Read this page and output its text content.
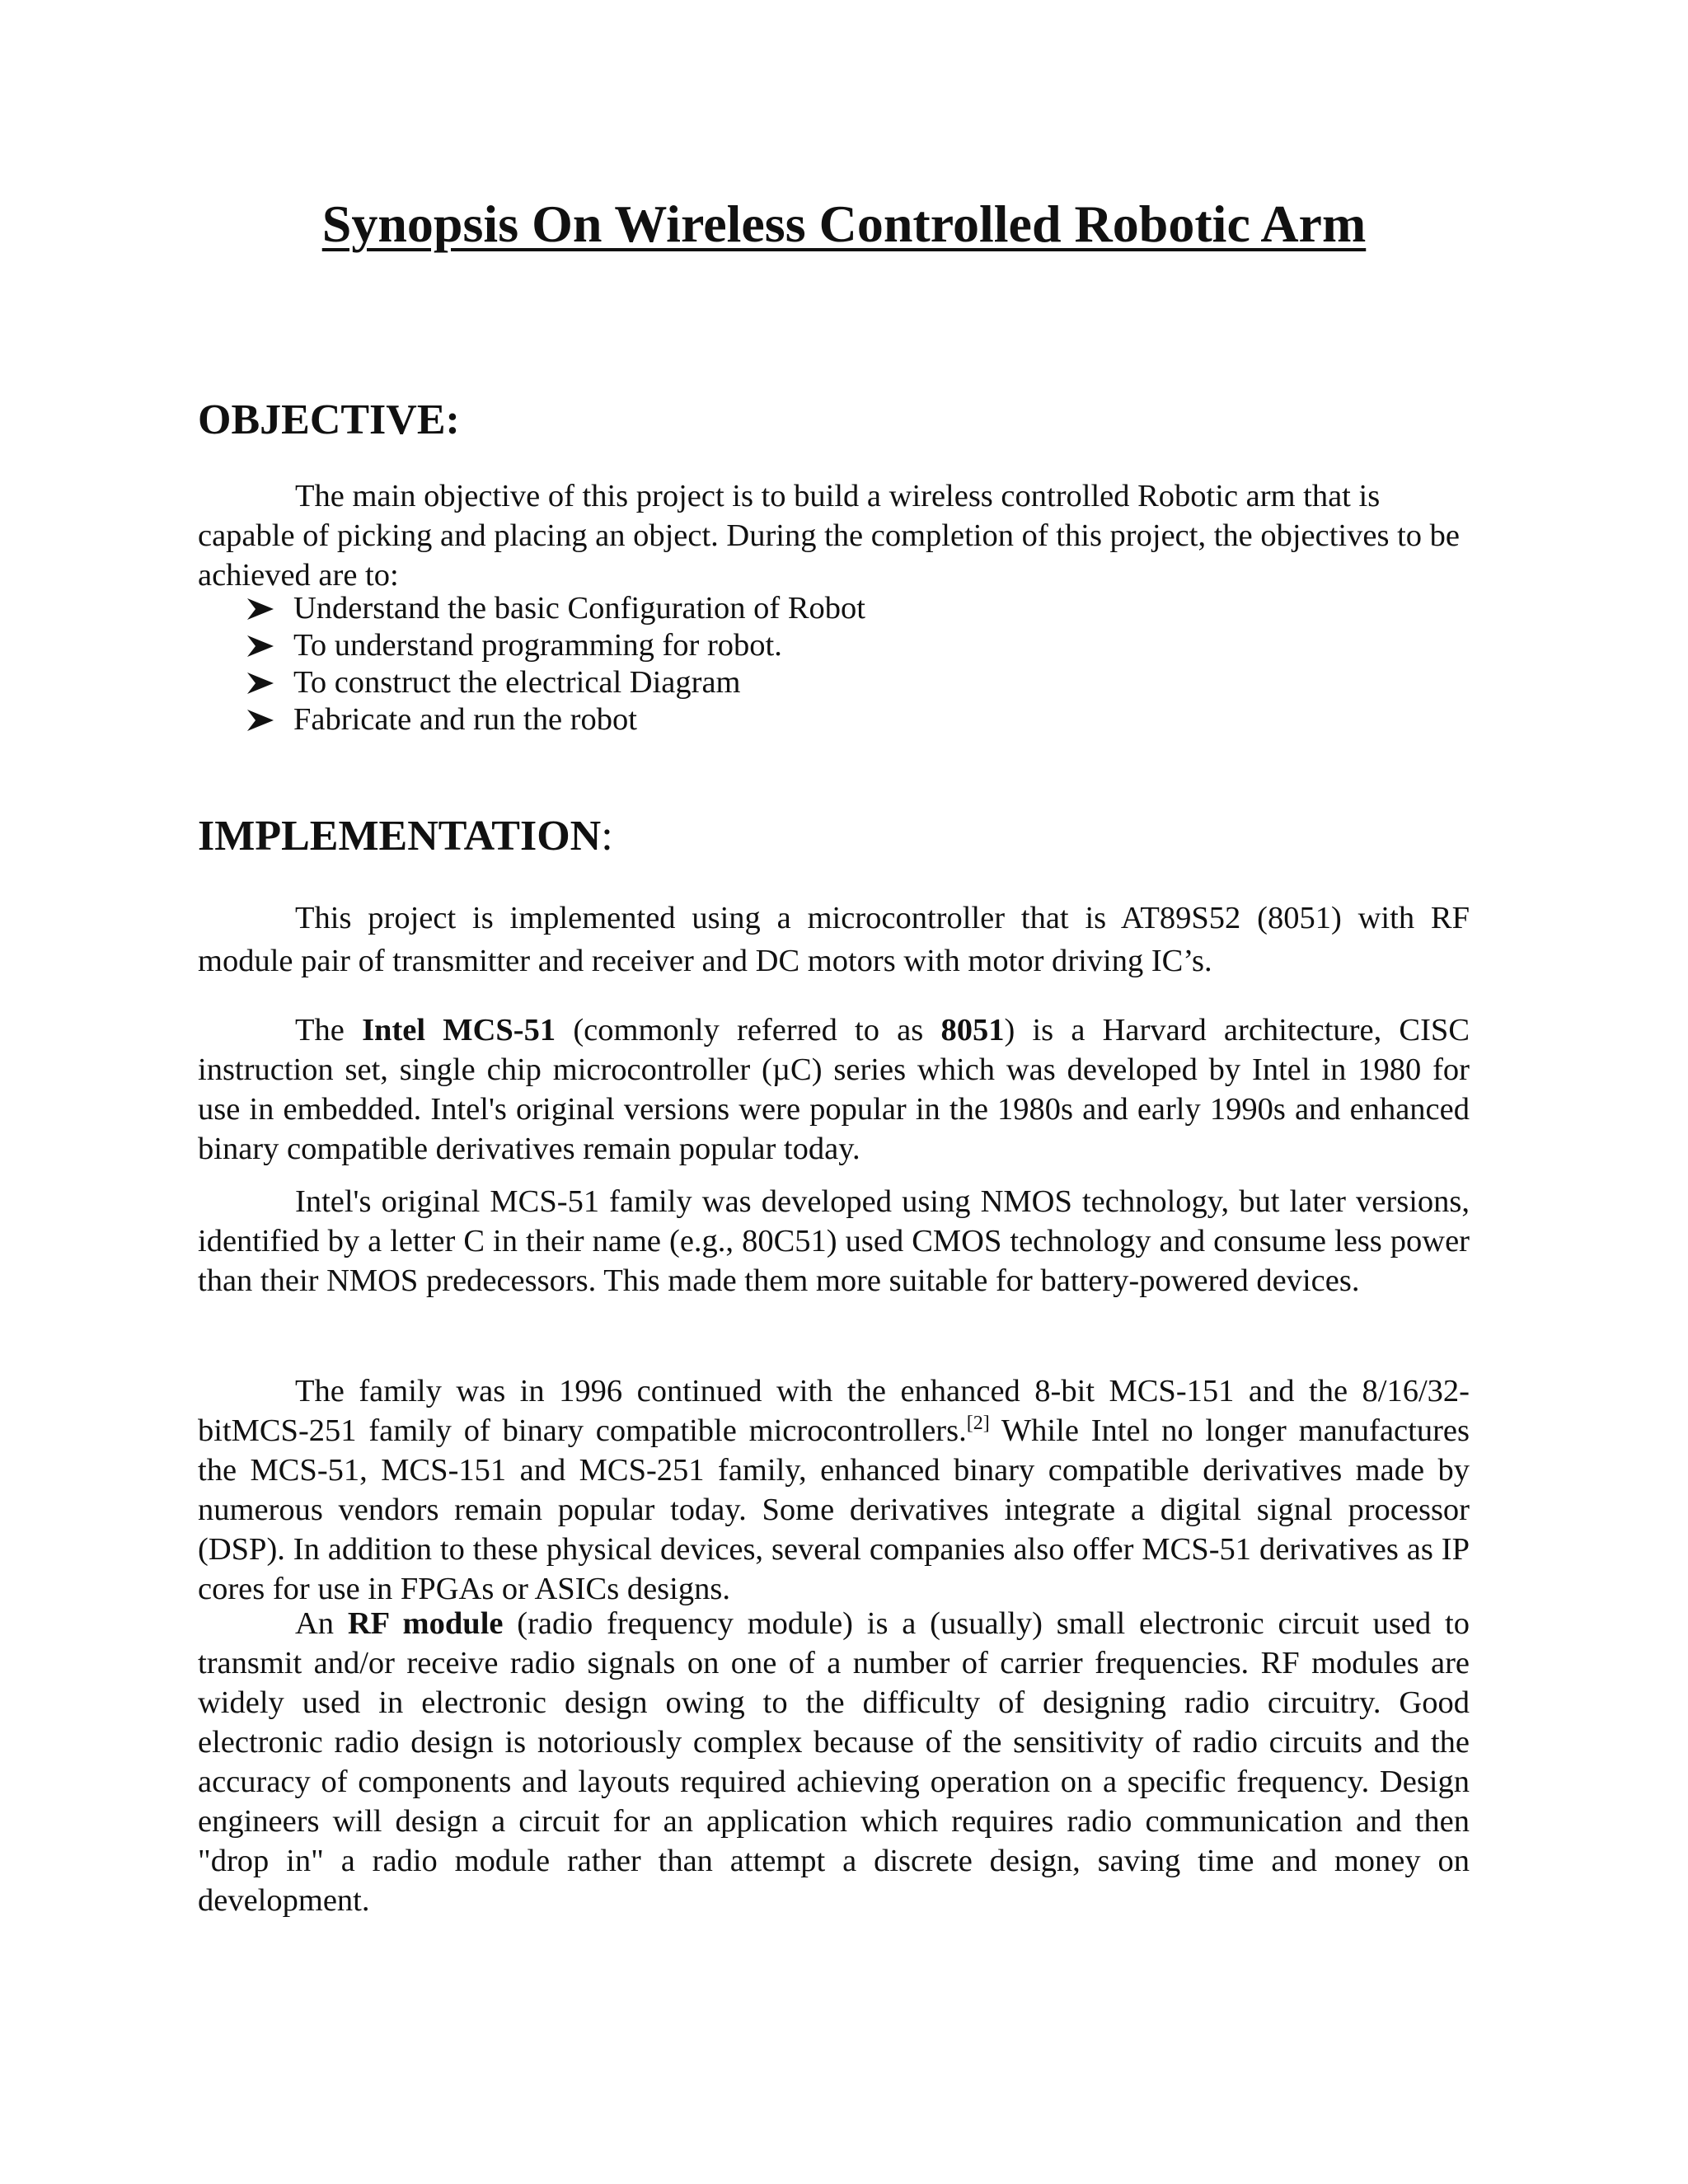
Synopsis On Wireless Controlled Robotic Arm
OBJECTIVE:

The main objective of this project is to build a wireless controlled Robotic arm that is capable of picking and placing an object. During the completion of this project, the objectives to be achieved are to:

Understand the basic Configuration of Robot
To understand programming for robot.
To construct the electrical Diagram
Fabricate and run the robot
IMPLEMENTATION:

This project is implemented using a microcontroller that is AT89S52 (8051) with RF module pair of transmitter and receiver and DC motors with motor driving IC’s.

The Intel MCS-51 (commonly referred to as 8051) is a Harvard architecture, CISC instruction set, single chip microcontroller (µC) series which was developed by Intel in 1980 for use in embedded. Intel's original versions were popular in the 1980s and early 1990s and enhanced binary compatible derivatives remain popular today.

Intel's original MCS-51 family was developed using NMOS technology, but later versions, identified by a letter C in their name (e.g., 80C51) used CMOS technology and consume less power than their NMOS predecessors. This made them more suitable for battery-powered devices.

The family was in 1996 continued with the enhanced 8-bit MCS-151 and the 8/16/32-bitMCS-251 family of binary compatible microcontrollers.[2] While Intel no longer manufactures the MCS-51, MCS-151 and MCS-251 family, enhanced binary compatible derivatives made by numerous vendors remain popular today. Some derivatives integrate a digital signal processor (DSP). In addition to these physical devices, several companies also offer MCS-51 derivatives as IP cores for use in FPGAs or ASICs designs.

An RF module (radio frequency module) is a (usually) small electronic circuit used to transmit and/or receive radio signals on one of a number of carrier frequencies. RF modules are widely used in electronic design owing to the difficulty of designing radio circuitry. Good electronic radio design is notoriously complex because of the sensitivity of radio circuits and the accuracy of components and layouts required achieving operation on a specific frequency. Design engineers will design a circuit for an application which requires radio communication and then "drop in" a radio module rather than attempt a discrete design, saving time and money on development.
